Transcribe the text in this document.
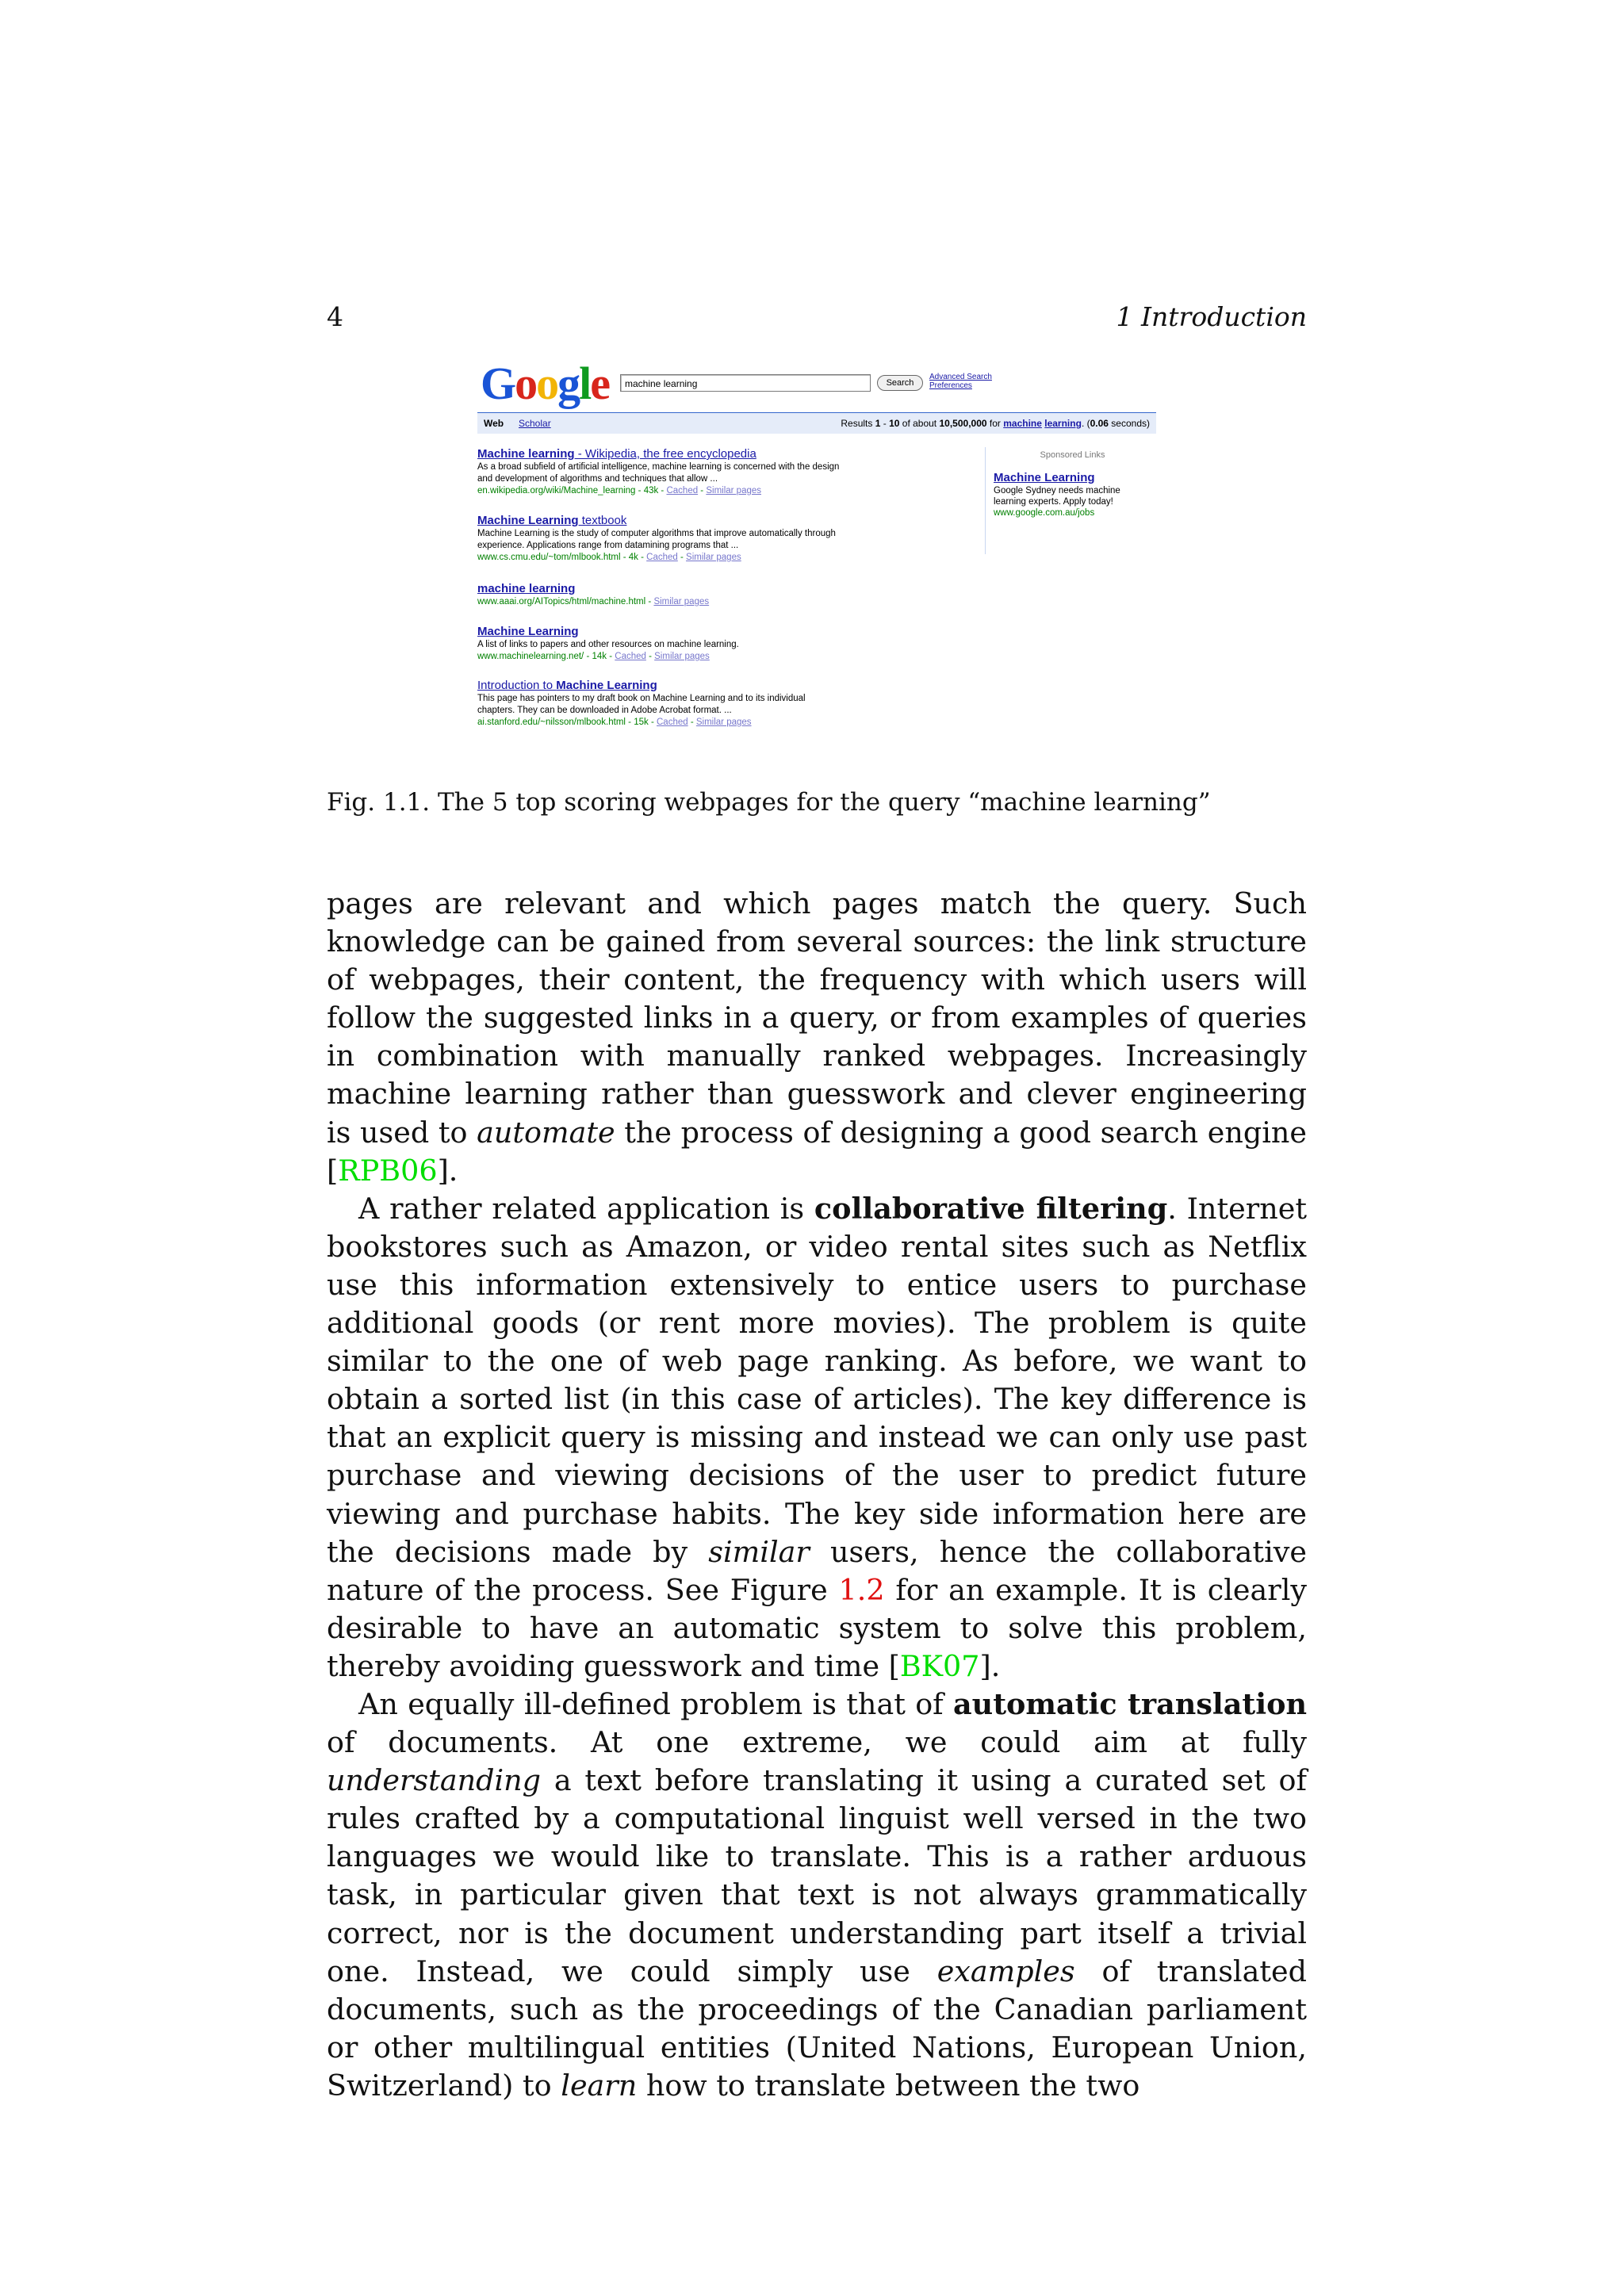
4	1 Introduction
Google	machine learning	Search
Advanced Search
Preferences
Web Scholar	Results 1 - 10 of about 10,500,000 for machine learning. (0.06 seconds)
Machine learning - Wikipedia, the free encyclopedia
As a broad subfield of artificial intelligence, machine learning is concerned with the design
and development of algorithms and techniques that allow ...
en.wikipedia.org/wiki/Machine_learning - 43k - Cached - Similar pages
Machine Learning textbook
Machine Learning is the study of computer algorithms that improve automatically through
experience. Applications range from datamining programs that ...
www.cs.cmu.edu/~tom/mlbook.html - 4k - Cached - Similar pages
machine learning
www.aaai.org/AITopics/html/machine.html - Similar pages
Machine Learning
A list of links to papers and other resources on machine learning.
www.machinelearning.net/ - 14k - Cached - Similar pages
Introduction to Machine Learning
This page has pointers to my draft book on Machine Learning and to its individual
chapters. They can be downloaded in Adobe Acrobat format. ...
ai.stanford.edu/~nilsson/mlbook.html - 15k - Cached - Similar pages
Sponsored Links
Machine Learning
Google Sydney needs machine
learning experts. Apply today!
www.google.com.au/jobs
Fig. 1.1. The 5 top scoring webpages for the query “machine learning”

pages are relevant and which pages match the query. Such knowledge can be gained from several sources: the link structure of webpages, their content, the frequency with which users will follow the suggested links in a query, or from examples of queries in combination with manually ranked webpages. Increasingly machine learning rather than guesswork and clever engineering is used to automate the process of designing a good search engine [RPB06].

A rather related application is collaborative filtering. Internet bookstores such as Amazon, or video rental sites such as Netflix use this information extensively to entice users to purchase additional goods (or rent more movies). The problem is quite similar to the one of web page ranking. As before, we want to obtain a sorted list (in this case of articles). The key difference is that an explicit query is missing and instead we can only use past purchase and viewing decisions of the user to predict future viewing and purchase habits. The key side information here are the decisions made by similar users, hence the collaborative nature of the process. See Figure 1.2 for an example. It is clearly desirable to have an automatic system to solve this problem, thereby avoiding guesswork and time [BK07].

An equally ill-defined problem is that of automatic translation of documents. At one extreme, we could aim at fully understanding a text before translating it using a curated set of rules crafted by a computational linguist well versed in the two languages we would like to translate. This is a rather arduous task, in particular given that text is not always grammatically correct, nor is the document understanding part itself a trivial one. Instead, we could simply use examples of translated documents, such as the proceedings of the Canadian parliament or other multilingual entities (United Nations, European Union, Switzerland) to learn how to translate between the two
